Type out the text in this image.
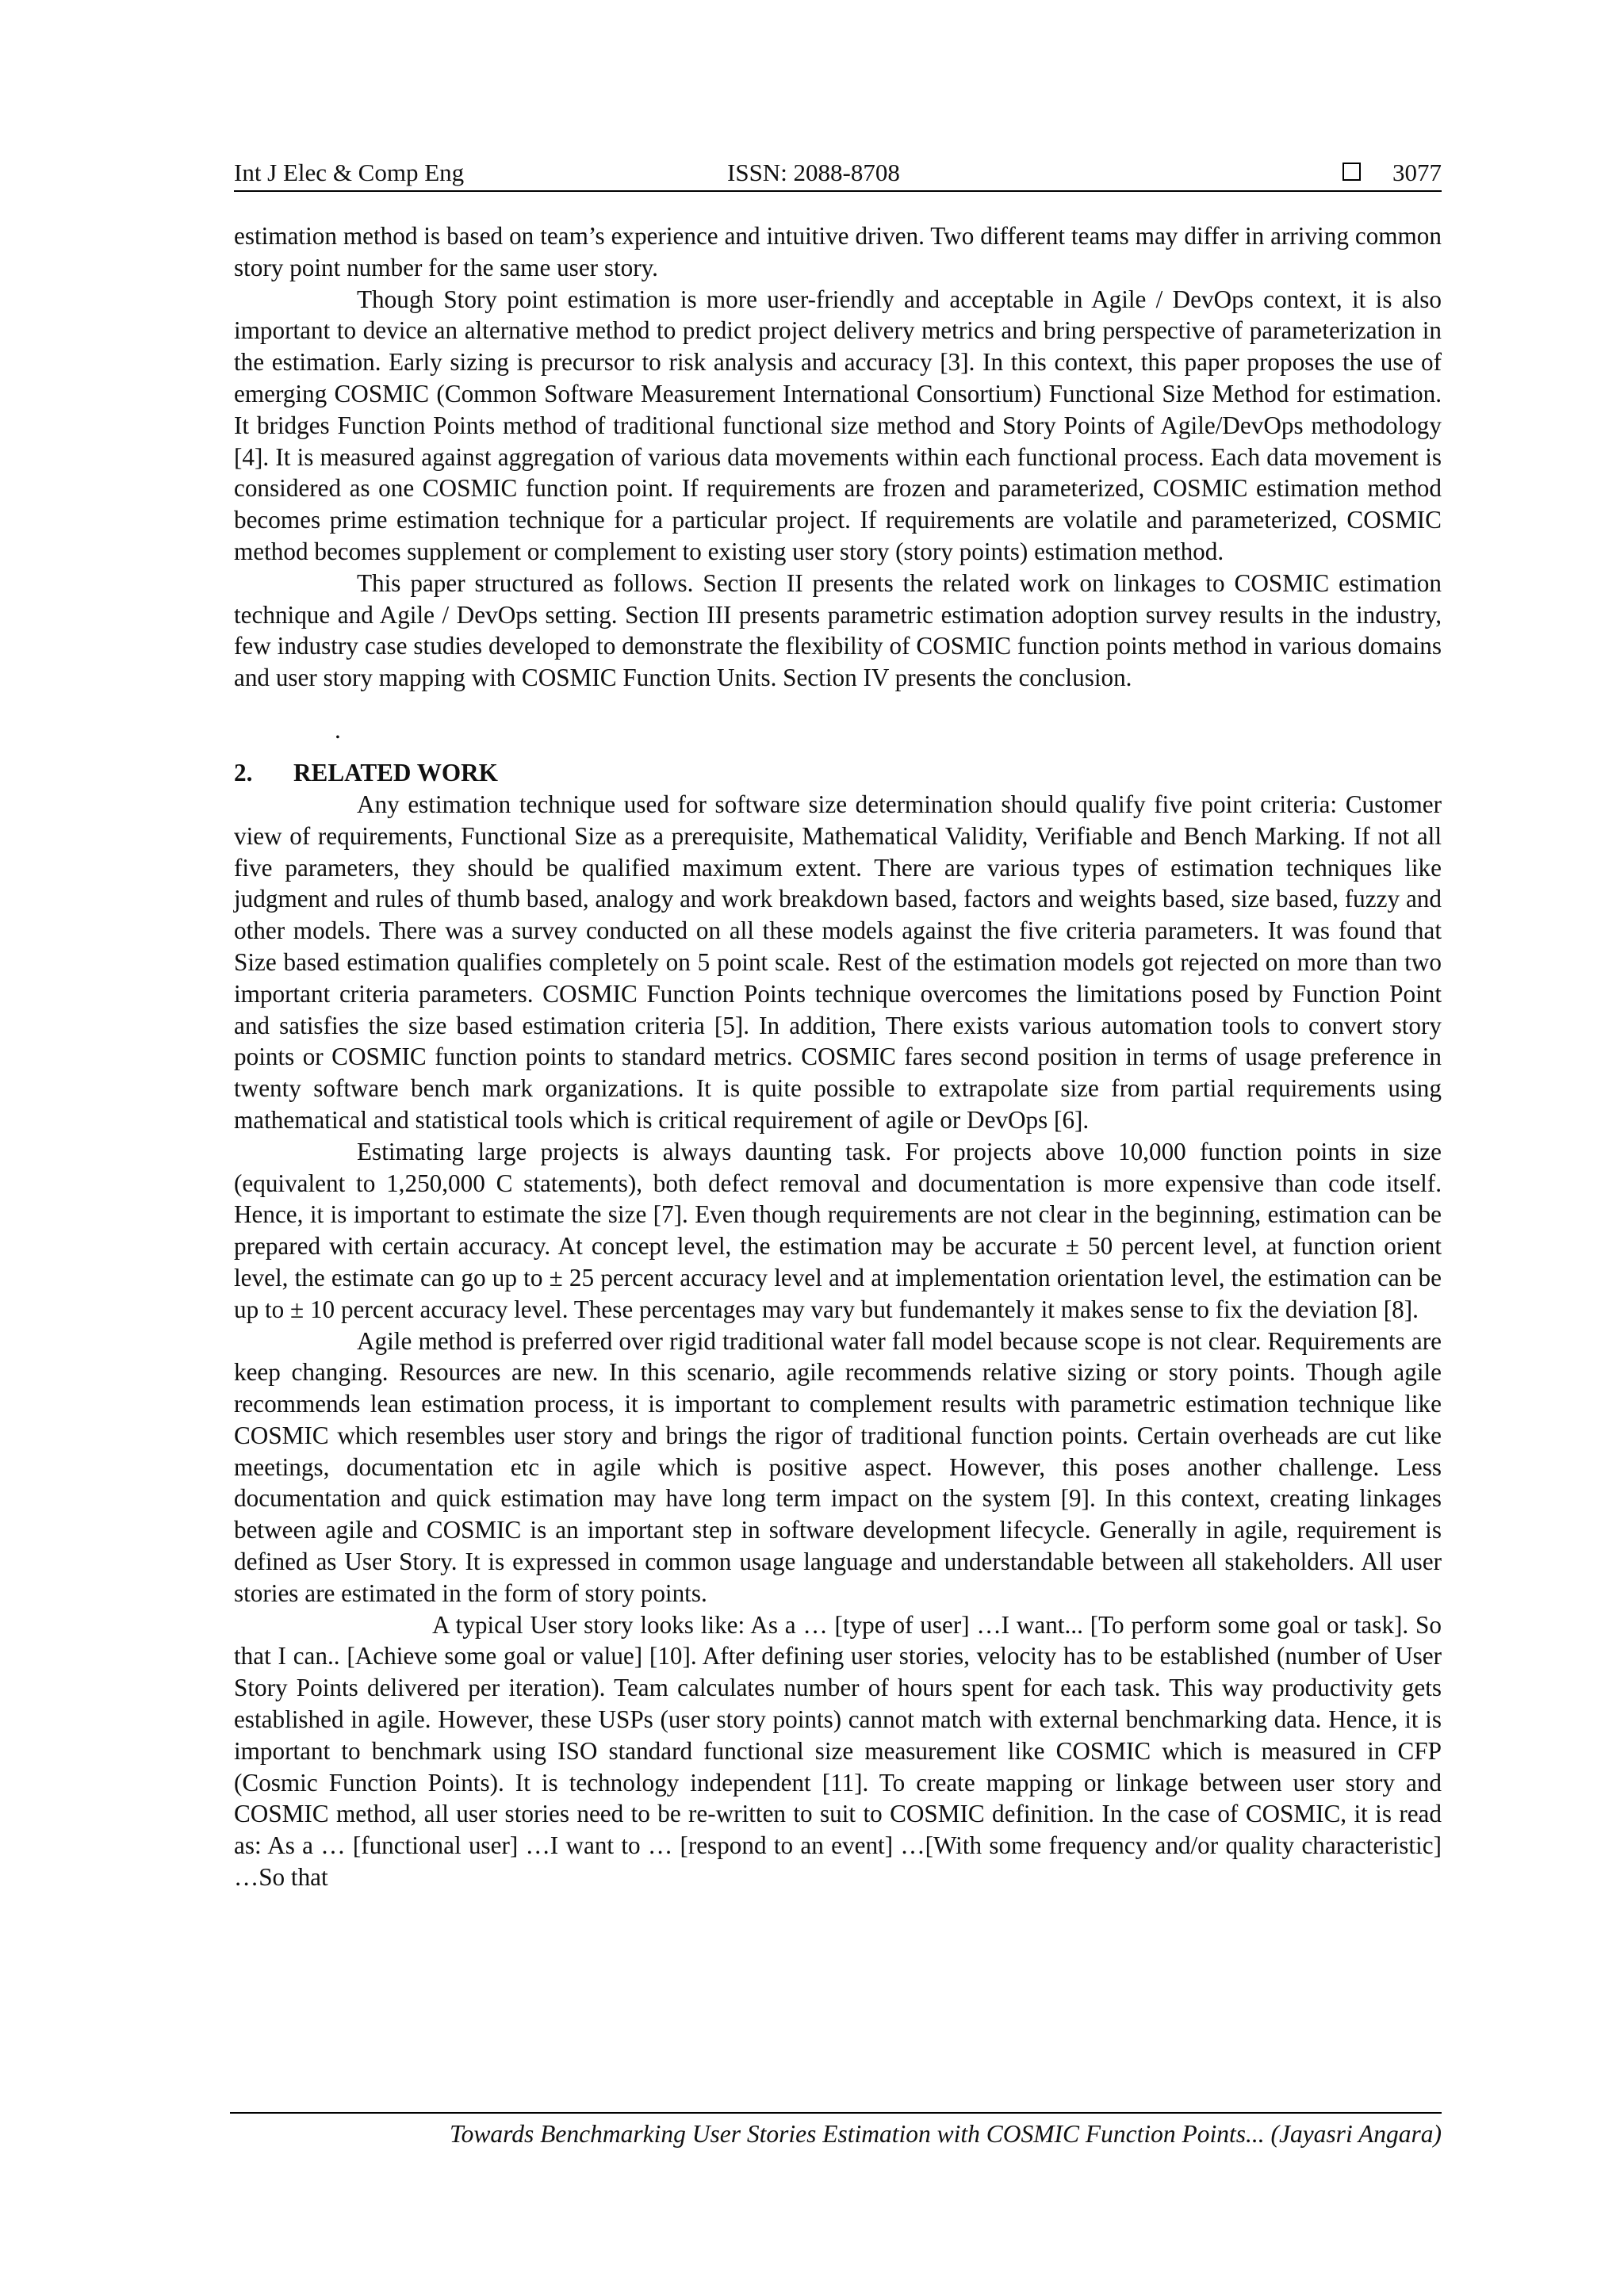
Int J Elec & Comp Eng	ISSN: 2088-8708	3077

estimation method is based on team’s experience and intuitive driven. Two different teams may differ in arriving common story point number for the same user story.

Though Story point estimation is more user-friendly and acceptable in Agile / DevOps context, it is also important to device an alternative method to predict project delivery metrics and bring perspective of parameterization in the estimation. Early sizing is precursor to risk analysis and accuracy [3]. In this context, this paper proposes the use of emerging COSMIC (Common Software Measurement International Consortium) Functional Size Method for estimation. It bridges Function Points method of traditional functional size method and Story Points of Agile/DevOps methodology [4]. It is measured against aggregation of various data movements within each functional process. Each data movement is considered as one COSMIC function point. If requirements are frozen and parameterized, COSMIC estimation method becomes prime estimation technique for a particular project. If requirements are volatile and parameterized, COSMIC method becomes supplement or complement to existing user story (story points) estimation method.

This paper structured as follows. Section II presents the related work on linkages to COSMIC estimation technique and Agile / DevOps setting. Section III presents parametric estimation adoption survey results in the industry, few industry case studies developed to demonstrate the flexibility of COSMIC function points method in various domains and user story mapping with COSMIC Function Units. Section IV presents the conclusion.

.
2. RELATED WORK

Any estimation technique used for software size determination should qualify five point criteria: Customer view of requirements, Functional Size as a prerequisite, Mathematical Validity, Verifiable and Bench Marking. If not all five parameters, they should be qualified maximum extent. There are various types of estimation techniques like judgment and rules of thumb based, analogy and work breakdown based, factors and weights based, size based, fuzzy and other models. There was a survey conducted on all these models against the five criteria parameters. It was found that Size based estimation qualifies completely on 5 point scale. Rest of the estimation models got rejected on more than two important criteria parameters. COSMIC Function Points technique overcomes the limitations posed by Function Point and satisfies the size based estimation criteria [5]. In addition, There exists various automation tools to convert story points or COSMIC function points to standard metrics. COSMIC fares second position in terms of usage preference in twenty software bench mark organizations. It is quite possible to extrapolate size from partial requirements using mathematical and statistical tools which is critical requirement of agile or DevOps [6].

Estimating large projects is always daunting task. For projects above 10,000 function points in size (equivalent to 1,250,000 C statements), both defect removal and documentation is more expensive than code itself. Hence, it is important to estimate the size [7]. Even though requirements are not clear in the beginning, estimation can be prepared with certain accuracy. At concept level, the estimation may be accurate ± 50 percent level, at function orient level, the estimate can go up to ± 25 percent accuracy level and at implementation orientation level, the estimation can be up to ± 10 percent accuracy level. These percentages may vary but fundemantely it makes sense to fix the deviation [8].

Agile method is preferred over rigid traditional water fall model because scope is not clear. Requirements are keep changing. Resources are new. In this scenario, agile recommends relative sizing or story points. Though agile recommends lean estimation process, it is important to complement results with parametric estimation technique like COSMIC which resembles user story and brings the rigor of traditional function points. Certain overheads are cut like meetings, documentation etc in agile which is positive aspect. However, this poses another challenge. Less documentation and quick estimation may have long term impact on the system [9]. In this context, creating linkages between agile and COSMIC is an important step in software development lifecycle. Generally in agile, requirement is defined as User Story. It is expressed in common usage language and understandable between all stakeholders. All user stories are estimated in the form of story points.

A typical User story looks like: As a … [type of user] …I want... [To perform some goal or task]. So that I can.. [Achieve some goal or value] [10]. After defining user stories, velocity has to be established (number of User Story Points delivered per iteration). Team calculates number of hours spent for each task. This way productivity gets established in agile. However, these USPs (user story points) cannot match with external benchmarking data. Hence, it is important to benchmark using ISO standard functional size measurement like COSMIC which is measured in CFP (Cosmic Function Points). It is technology independent [11]. To create mapping or linkage between user story and COSMIC method, all user stories need to be re-written to suit to COSMIC definition. In the case of COSMIC, it is read as: As a … [functional user] …I want to … [respond to an event] …[With some frequency and/or quality characteristic] …So that

Towards Benchmarking User Stories Estimation with COSMIC Function Points... (Jayasri Angara)
